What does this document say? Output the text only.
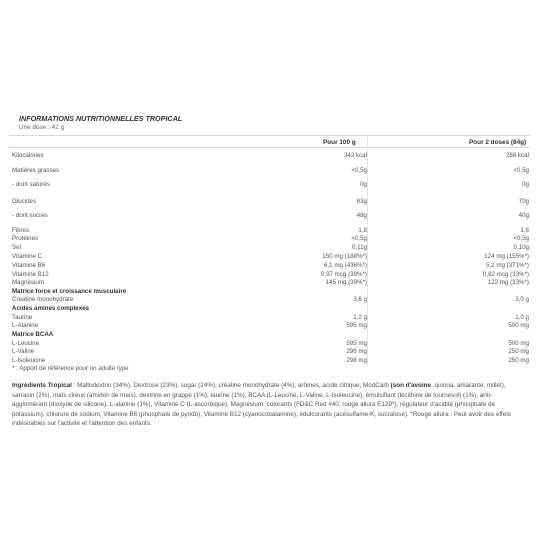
INFORMATIONS NUTRITIONNELLES TROPICAL
Une dose : 42 g
Pour 100 g	Pour 2 doses (84g)
Kilocalories	342 kcal	288 kcal
Matières grasses	<0,5g	<0,5g
- dont saturés	0g	0g
Glucides	83g	70g
- dont sucres	48g	40g
Fibres	1,8	1,6
Protéines	<0,5g	<0,5g
Sel	0,11g	0,10g
Vitamine C	150 mg (188%*)	124 mg (155%*)
Vitamine B6	6,1 mg (436%*)	5,2 mg (371%*)
Vitamine B12	0,97 mcg (39%*)	0,82 mcg (33%*)
Magnésium	145 mg (39%*)	122 mg (33%*)
Matrice force et croissance musculaire
Creatine monohydrate	3,6 g	3,0 g
Acides aminés complexes
Taurine	1,2 g	1,0 g
L-Alanine	595 mg	500 mg
Matrice BCAA
L-Leucine	595 mg	500 mg
L-Valine	298 mg	250 mg
L-Isoleucine	298 mg	250 mg
* : Apport de référence pour un adulte type
Ingrédients Tropical : Maltodextrin (34%), Dextrose (23%), sugar (24%), créatine monohydrate (4%), arômes, acide citrique, ModCarb (son d'avoine, quinoa, amarante, millet), sarrasin (2%), maïs cireux (amidon de maïs), dextrine en grappe (1%), taurine (1%), BCAA (L-Leucine, L-Valine, L-Isoleucine), émulsifiant (lécithine de tournesol) (1%), anti-agglomérant (dioxyde de silicone), L-alanine (1%), Vitamine C (L-ascorbique), Magnésium, colorants (FD&C Red #40, rouge allura E129*), régulateur d'acidité (phosphate de potassium), chlorure de sodium, Vitamine B6 (phosphate de pyrido), Vitamine B12 (cyanocobalamine), édulcorants (acésulfame-K, sucralose). *Rouge allura : Peut avoir des effets indésirables sur l'activité et l'attention des enfants.
